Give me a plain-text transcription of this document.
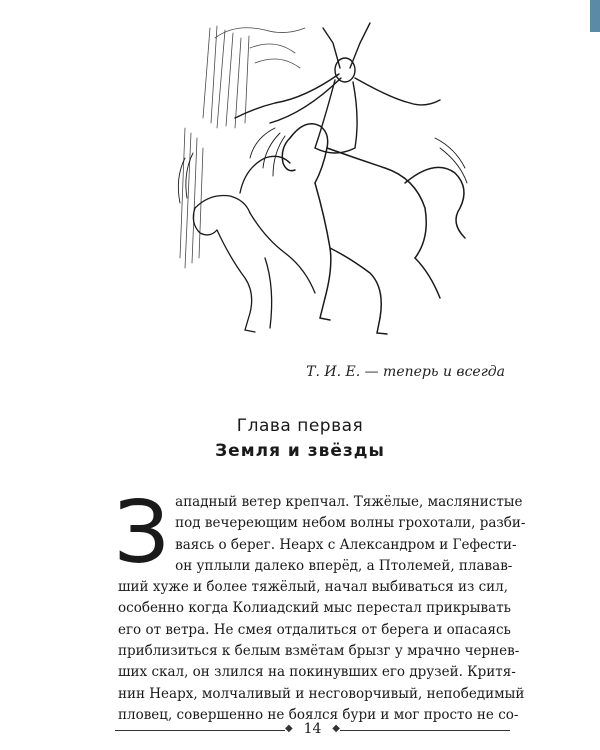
Т. И. Е. — теперь и всегда
Глава первая
Земля и звёзды
З ападный ветер крепчал. Тяжёлые, маслянистые
под вечереющим небом волны грохотали, разби-
ваясь о берег. Неарх с Александром и Гефести-
он уплыли далеко вперёд, а Птолемей, плавав-
ший хуже и более тяжёлый, начал выбиваться из сил,
особенно когда Колиадский мыс перестал прикрывать
его от ветра. Не смея отдалиться от берега и опасаясь
приблизиться к белым взмётам брызг у мрачно чернев-
ших скал, он злился на покинувших его друзей. Критя-
нин Неарх, молчаливый и несговорчивый, непобедимый
пловец, совершенно не боялся бури и мог просто не со-
◆ 14	◆
